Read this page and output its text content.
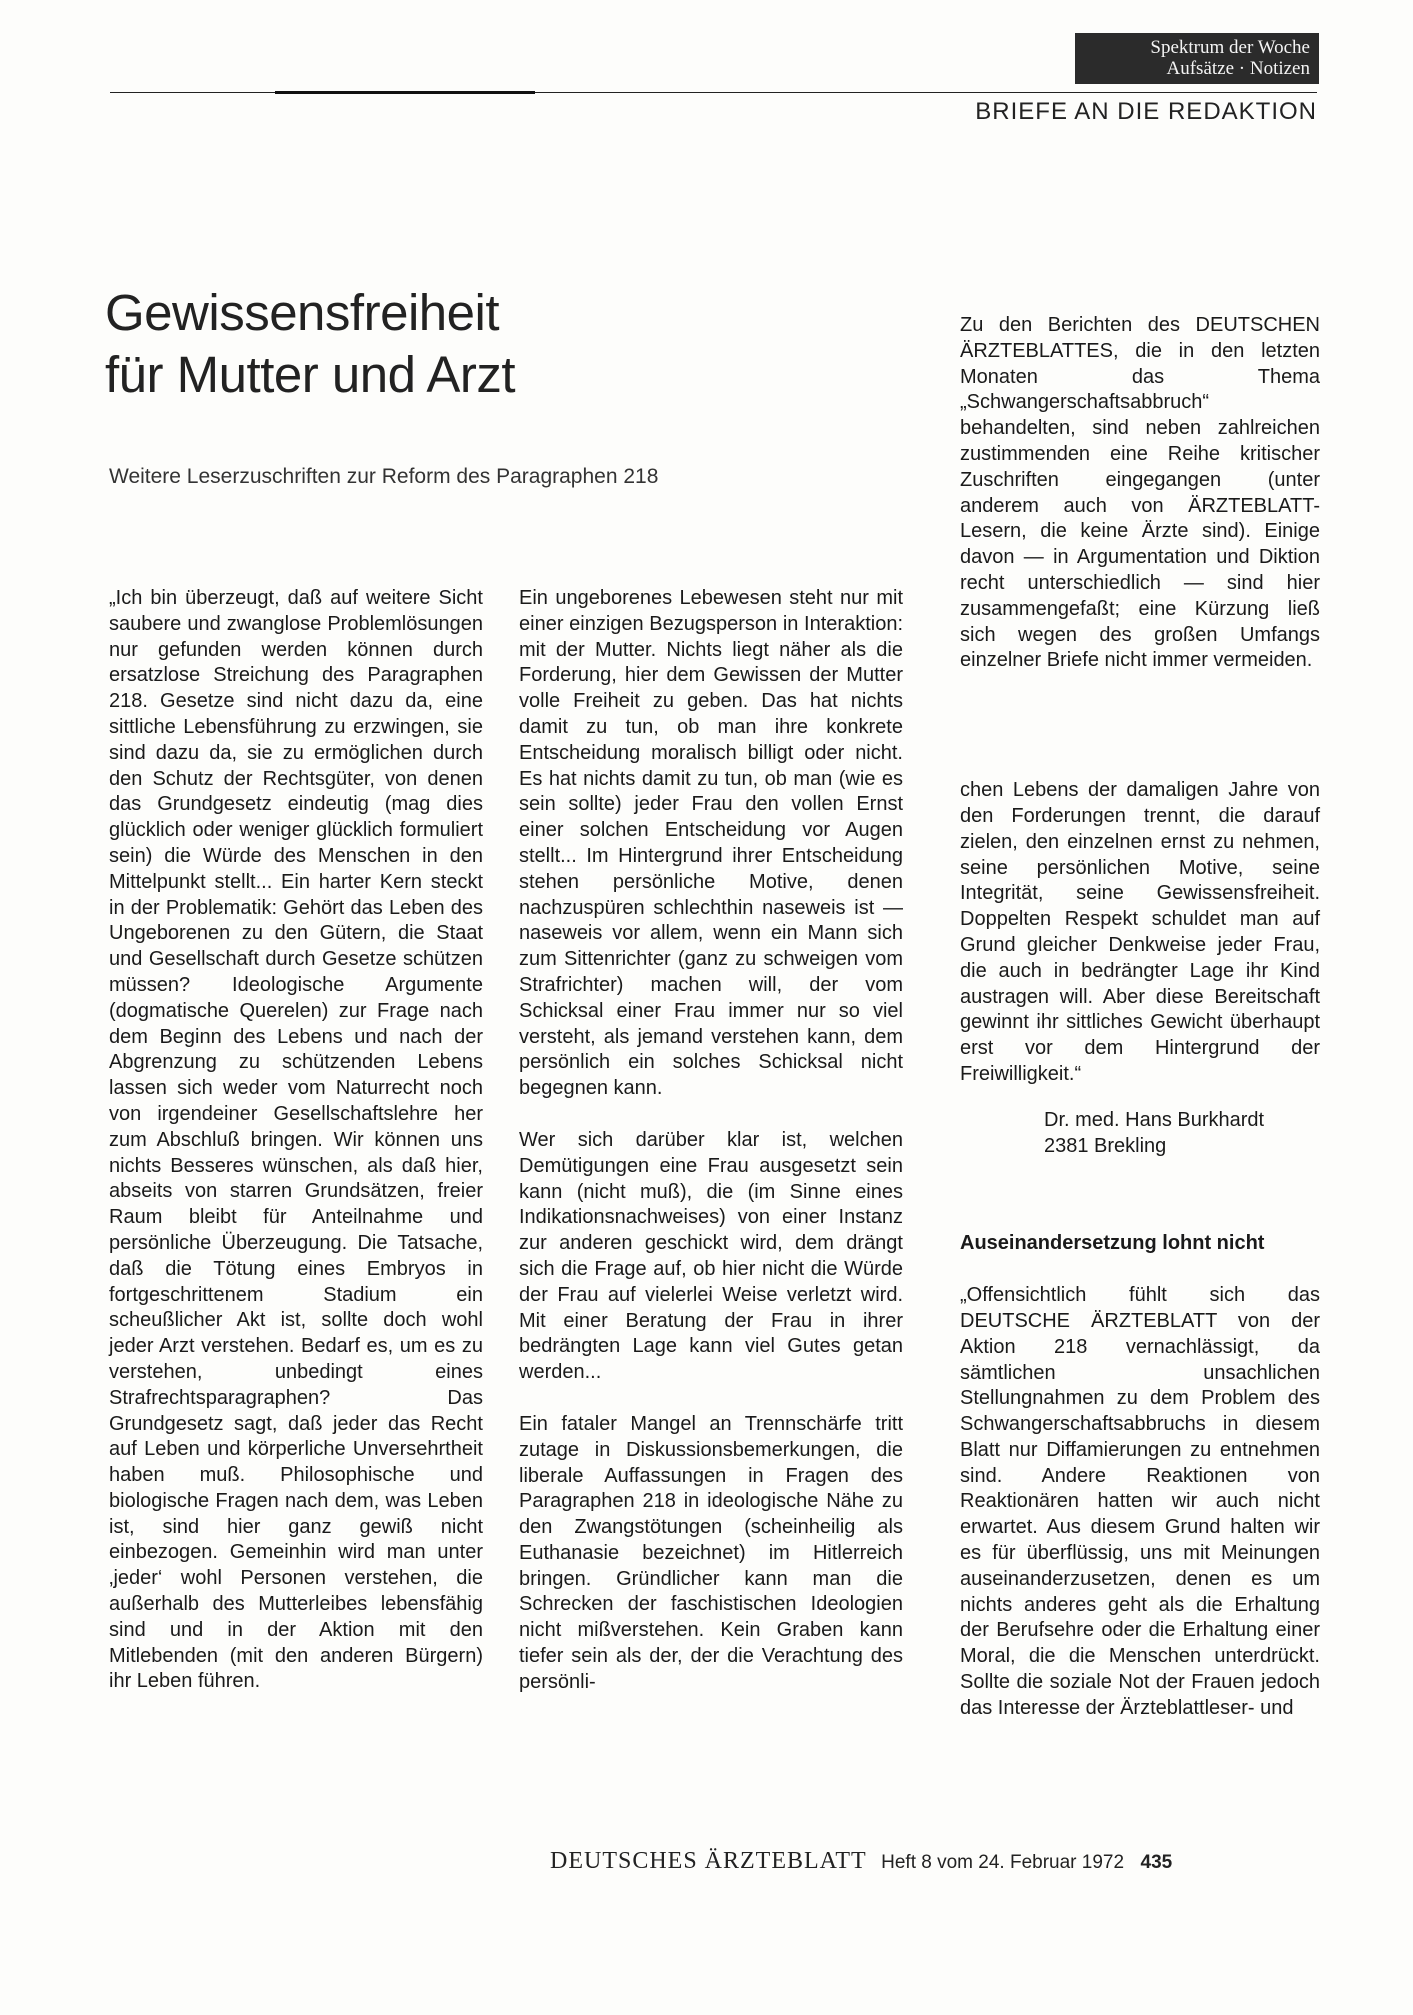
Spektrum der Woche
Aufsätze · Notizen
BRIEFE AN DIE REDAKTION
Gewissensfreiheit
für Mutter und Arzt
Weitere Leserzuschriften zur Reform des Paragraphen 218

„Ich bin überzeugt, daß auf weitere Sicht saubere und zwanglose Problemlösungen nur gefunden werden können durch ersatzlose Streichung des Paragraphen 218. Gesetze sind nicht dazu da, eine sittliche Lebensführung zu erzwingen, sie sind dazu da, sie zu ermöglichen durch den Schutz der Rechtsgüter, von denen das Grundgesetz eindeutig (mag dies glücklich oder weniger glücklich formuliert sein) die Würde des Menschen in den Mittelpunkt stellt... Ein harter Kern steckt in der Problematik: Gehört das Leben des Ungeborenen zu den Gütern, die Staat und Gesellschaft durch Gesetze schützen müssen? Ideologische Argumente (dogmatische Querelen) zur Frage nach dem Beginn des Lebens und nach der Abgrenzung zu schützenden Lebens lassen sich weder vom Naturrecht noch von irgendeiner Gesellschaftslehre her zum Abschluß bringen. Wir können uns nichts Besseres wünschen, als daß hier, abseits von starren Grundsätzen, freier Raum bleibt für Anteilnahme und persönliche Überzeugung. Die Tatsache, daß die Tötung eines Embryos in fortgeschrittenem Stadium ein scheußlicher Akt ist, sollte doch wohl jeder Arzt verstehen. Bedarf es, um es zu verstehen, unbedingt eines Strafrechtsparagraphen? Das Grundgesetz sagt, daß jeder das Recht auf Leben und körperliche Unversehrtheit haben muß. Philosophische und biologische Fragen nach dem, was Leben ist, sind hier ganz gewiß nicht einbezogen. Gemeinhin wird man unter ‚jeder‘ wohl Personen verstehen, die außerhalb des Mutterleibes lebensfähig sind und in der Aktion mit den Mitlebenden (mit den anderen Bürgern) ihr Leben führen.

Ein ungeborenes Lebewesen steht nur mit einer einzigen Bezugsperson in Interaktion: mit der Mutter. Nichts liegt näher als die Forderung, hier dem Gewissen der Mutter volle Freiheit zu geben. Das hat nichts damit zu tun, ob man ihre konkrete Entscheidung moralisch billigt oder nicht. Es hat nichts damit zu tun, ob man (wie es sein sollte) jeder Frau den vollen Ernst einer solchen Entscheidung vor Augen stellt... Im Hintergrund ihrer Entscheidung stehen persönliche Motive, denen nachzuspüren schlechthin naseweis ist — naseweis vor allem, wenn ein Mann sich zum Sittenrichter (ganz zu schweigen vom Strafrichter) machen will, der vom Schicksal einer Frau immer nur so viel versteht, als jemand verstehen kann, dem persönlich ein solches Schicksal nicht begegnen kann.

Wer sich darüber klar ist, welchen Demütigungen eine Frau ausgesetzt sein kann (nicht muß), die (im Sinne eines Indikationsnachweises) von einer Instanz zur anderen geschickt wird, dem drängt sich die Frage auf, ob hier nicht die Würde der Frau auf vielerlei Weise verletzt wird. Mit einer Beratung der Frau in ihrer bedrängten Lage kann viel Gutes getan werden...

Ein fataler Mangel an Trennschärfe tritt zutage in Diskussionsbemerkungen, die liberale Auffassungen in Fragen des Paragraphen 218 in ideologische Nähe zu den Zwangstötungen (scheinheilig als Euthanasie bezeichnet) im Hitlerreich bringen. Gründlicher kann man die Schrecken der faschistischen Ideologien nicht mißverstehen. Kein Graben kann tiefer sein als der, der die Verachtung des persönli-

Zu den Berichten des DEUTSCHEN ÄRZTEBLATTES, die in den letzten Monaten das Thema „Schwangerschaftsabbruch“ behandelten, sind neben zahlreichen zustimmenden eine Reihe kritischer Zuschriften eingegangen (unter anderem auch von ÄRZTEBLATT-Lesern, die keine Ärzte sind). Einige davon — in Argumentation und Diktion recht unterschiedlich — sind hier zusammengefaßt; eine Kürzung ließ sich wegen des großen Umfangs einzelner Briefe nicht immer vermeiden.

chen Lebens der damaligen Jahre von den Forderungen trennt, die darauf zielen, den einzelnen ernst zu nehmen, seine persönlichen Motive, seine Integrität, seine Gewissensfreiheit. Doppelten Respekt schuldet man auf Grund gleicher Denkweise jeder Frau, die auch in bedrängter Lage ihr Kind austragen will. Aber diese Bereitschaft gewinnt ihr sittliches Gewicht überhaupt erst vor dem Hintergrund der Freiwilligkeit.“

Dr. med. Hans Burkhardt
2381 Brekling
Auseinandersetzung lohnt nicht

„Offensichtlich fühlt sich das DEUTSCHE ÄRZTEBLATT von der Aktion 218 vernachlässigt, da sämtlichen unsachlichen Stellungnahmen zu dem Problem des Schwangerschaftsabbruchs in diesem Blatt nur Diffamierungen zu entnehmen sind. Andere Reaktionen von Reaktionären hatten wir auch nicht erwartet. Aus diesem Grund halten wir es für überflüssig, uns mit Meinungen auseinanderzusetzen, denen es um nichts anderes geht als die Erhaltung der Berufsehre oder die Erhaltung einer Moral, die die Menschen unterdrückt. Sollte die soziale Not der Frauen jedoch das Interesse der Ärzteblattleser- und

DEUTSCHES ÄRZTEBLATT Heft 8 vom 24. Februar 1972 435
